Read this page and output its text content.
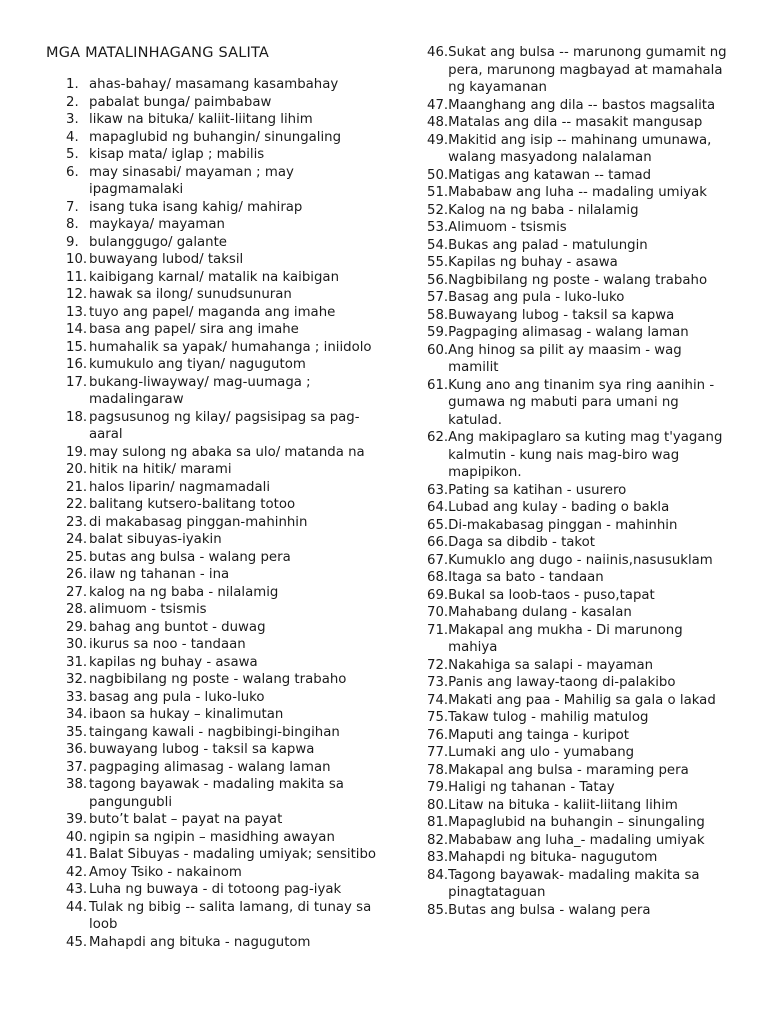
MGA MATALINHAGANG SALITA
1. ahas-bahay/ masamang kasambahay
2. pabalat bunga/ paimbabaw
3. likaw na bituka/ kaliit-liitang lihim
4. mapaglubid ng buhangin/ sinungaling
5. kisap mata/ iglap ; mabilis
6. may sinasabi/ mayaman ; may ipagmamalaki
7. isang tuka isang kahig/ mahirap
8. maykaya/ mayaman
9. bulanggugo/ galante
10. buwayang lubod/ taksil
11. kaibigang karnal/ matalik na kaibigan
12. hawak sa ilong/ sunudsunuran
13. tuyo ang papel/ maganda ang imahe
14. basa ang papel/ sira ang imahe
15. humahalik sa yapak/ humahanga ; iniidolo
16. kumukulo ang tiyan/ nagugutom
17. bukang-liwayway/ mag-uumaga ; madalingaraw
18. pagsusunog ng kilay/ pagsisipag sa pag-aaral
19. may sulong ng abaka sa ulo/ matanda na
20. hitik na hitik/ marami
21. halos liparin/ nagmamadali
22. balitang kutsero-balitang totoo
23. di makabasag pinggan-mahinhin
24. balat sibuyas-iyakin
25. butas ang bulsa - walang pera
26. ilaw ng tahanan - ina
27. kalog na ng baba - nilalamig
28. alimuom - tsismis
29. bahag ang buntot - duwag
30. ikurus sa noo - tandaan
31. kapilas ng buhay - asawa
32. nagbibilang ng poste - walang trabaho
33. basag ang pula - luko-luko
34. ibaon sa hukay – kinalimutan
35. taingang kawali - nagbibingi-bingihan
36. buwayang lubog - taksil sa kapwa
37. pagpaging alimasag - walang laman
38. tagong bayawak - madaling makita sa pangungubli
39. buto’t balat – payat na payat
40. ngipin sa ngipin – masidhing awayan
41. Balat Sibuyas - madaling umiyak; sensitibo
42. Amoy Tsiko - nakainom
43. Luha ng buwaya - di totoong pag-iyak
44. Tulak ng bibig -- salita lamang, di tunay sa loob
45. Mahapdi ang bituka - nagugutom
46. Sukat ang bulsa -- marunong gumamit ng pera, marunong magbayad at mamahala ng kayamanan
47. Maanghang ang dila -- bastos magsalita
48. Matalas ang dila -- masakit mangusap
49. Makitid ang isip -- mahinang umunawa, walang masyadong nalalaman
50. Matigas ang katawan -- tamad
51. Mababaw ang luha -- madaling umiyak
52. Kalog na ng baba - nilalamig
53. Alimuom - tsismis
54. Bukas ang palad - matulungin
55. Kapilas ng buhay - asawa
56. Nagbibilang ng poste - walang trabaho
57. Basag ang pula - luko-luko
58. Buwayang lubog - taksil sa kapwa
59. Pagpaging alimasag - walang laman
60. Ang hinog sa pilit ay maasim - wag mamilit
61. Kung ano ang tinanim sya ring aanihin - gumawa ng mabuti para umani ng katulad.
62. Ang makipaglaro sa kuting mag t'yagang kalmutin - kung nais mag-biro wag mapipikon.
63. Pating sa katihan - usurero
64. Lubad ang kulay - bading o bakla
65. Di-makabasag pinggan - mahinhin
66. Daga sa dibdib - takot
67. Kumuklo ang dugo - naiinis,nasusuklam
68. Itaga sa bato - tandaan
69. Bukal sa loob-taos - puso,tapat
70. Mahabang dulang - kasalan
71. Makapal ang mukha - Di marunong mahiya
72. Nakahiga sa salapi - mayaman
73. Panis ang laway-taong di-palakibo
74. Makati ang paa - Mahilig sa gala o lakad
75. Takaw tulog - mahilig matulog
76. Maputi ang tainga - kuripot
77. Lumaki ang ulo - yumabang
78. Makapal ang bulsa - maraming pera
79. Haligi ng tahanan - Tatay
80. Litaw na bituka - kaliit-liitang lihim
81. Mapaglubid na buhangin – sinungaling
82. Mababaw ang luha_- madaling umiyak
83. Mahapdi ng bituka- nagugutom
84. Tagong bayawak- madaling makita sa pinagtataguan
85. Butas ang bulsa - walang pera
